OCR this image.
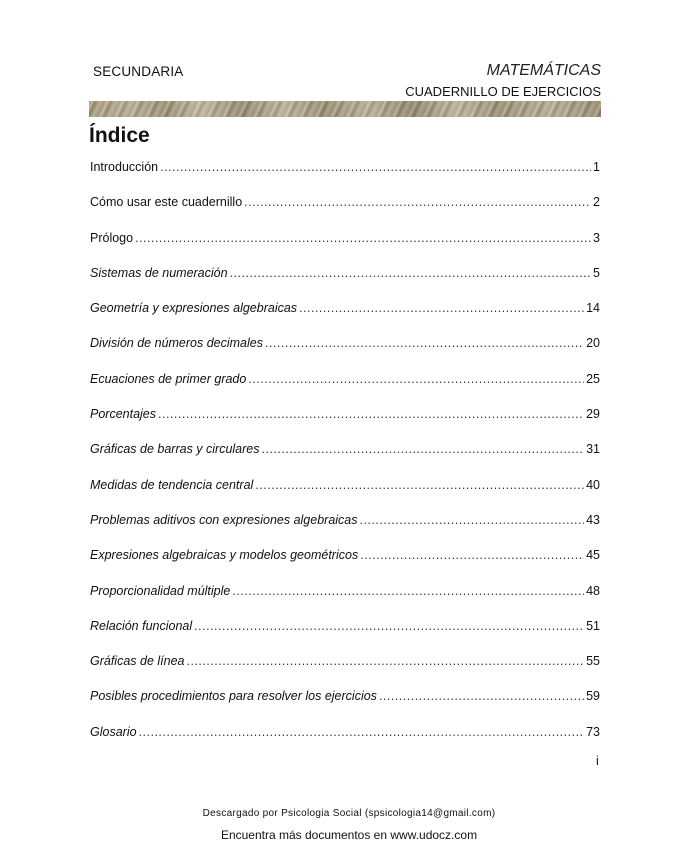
SECUNDARIA	MATEMÁTICAS
CUADERNILLO DE EJERCICIOS
Índice
Introducción .....	1
Cómo usar este cuadernillo .....	2
Prólogo .....	3
Sistemas de numeración .....	5
Geometría y expresiones algebraicas .....	14
División de números decimales .....	20
Ecuaciones de primer grado .....	25
Porcentajes .....	29
Gráficas de barras y circulares .....	31
Medidas de tendencia central .....	40
Problemas aditivos con expresiones algebraicas .....	43
Expresiones algebraicas y modelos geométricos .....	45
Proporcionalidad múltiple .....	48
Relación funcional .....	51
Gráficas de línea .....	55
Posibles procedimientos para resolver los ejercicios .....	59
Glosario .....	73
i
Descargado por Psicologia Social (spsicologia14@gmail.com)
Encuentra más documentos en www.udocz.com
